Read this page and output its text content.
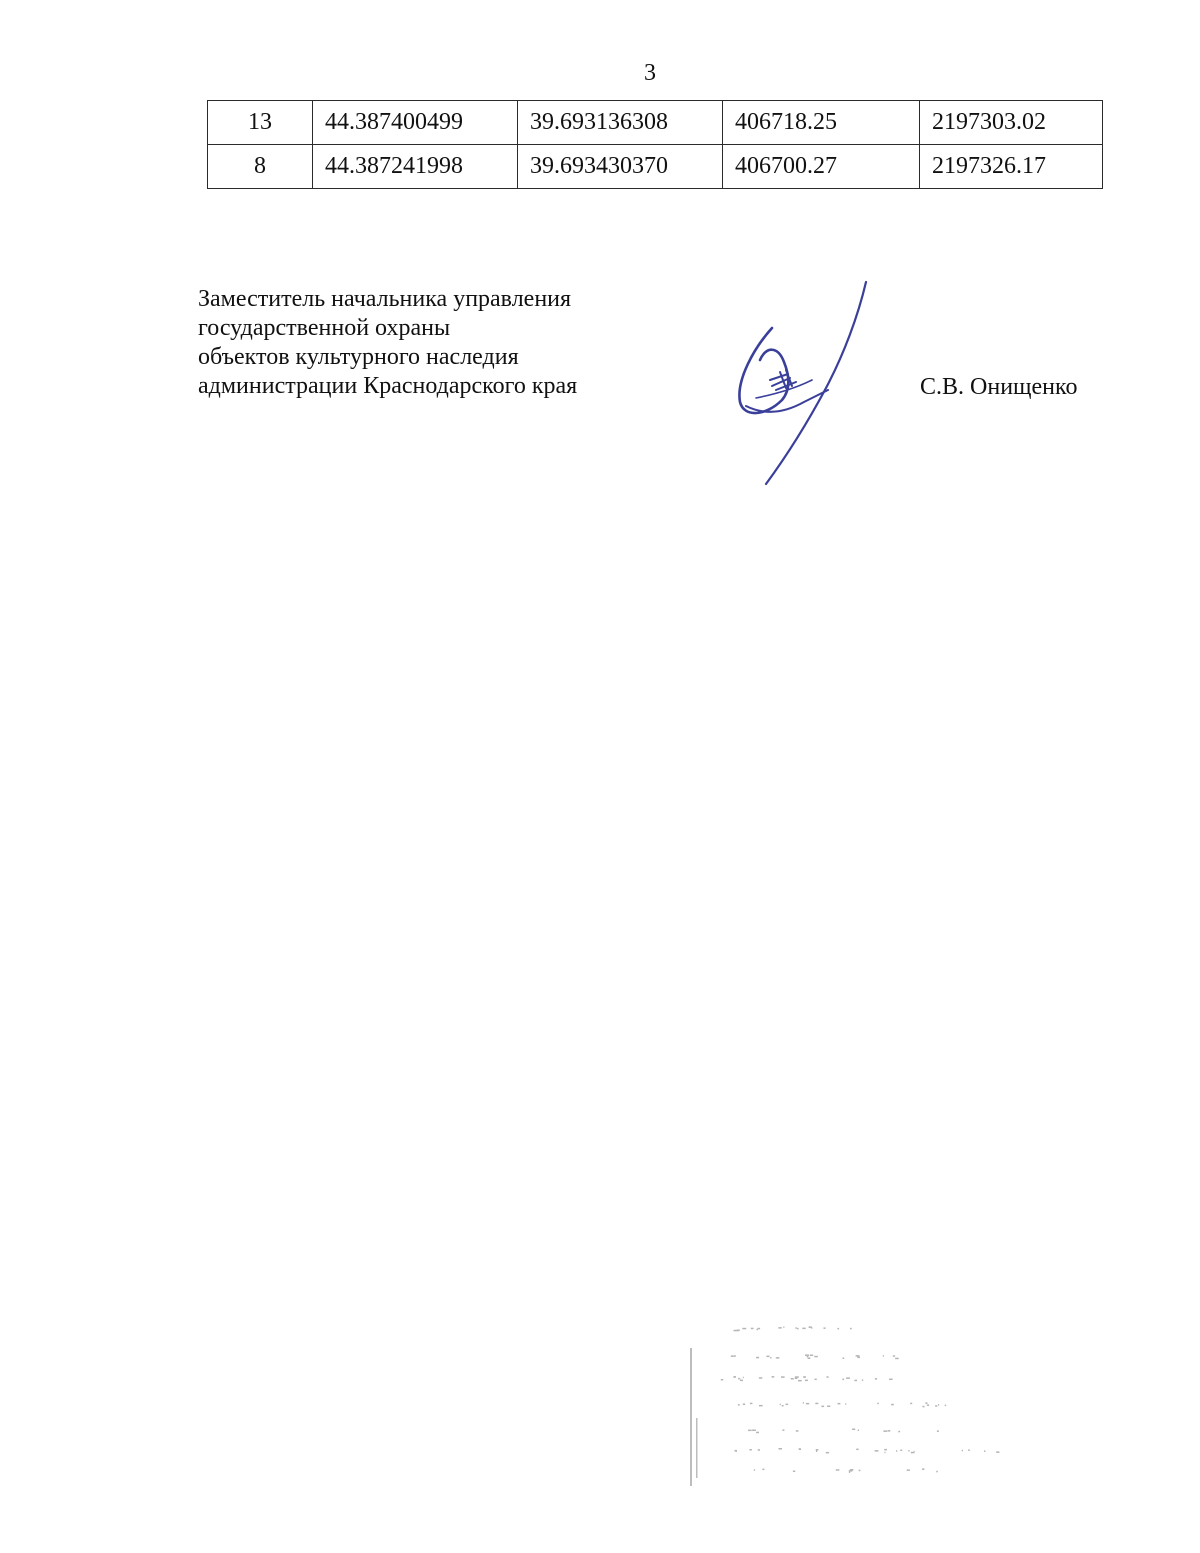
3
13	44.387400499	39.693136308	406718.25	2197303.02
8	44.387241998	39.693430370	406700.27	2197326.17
Заместитель начальника управления
государственной охраны
объектов культурного наследия
администрации Краснодарского края	С.В. Онищенко
